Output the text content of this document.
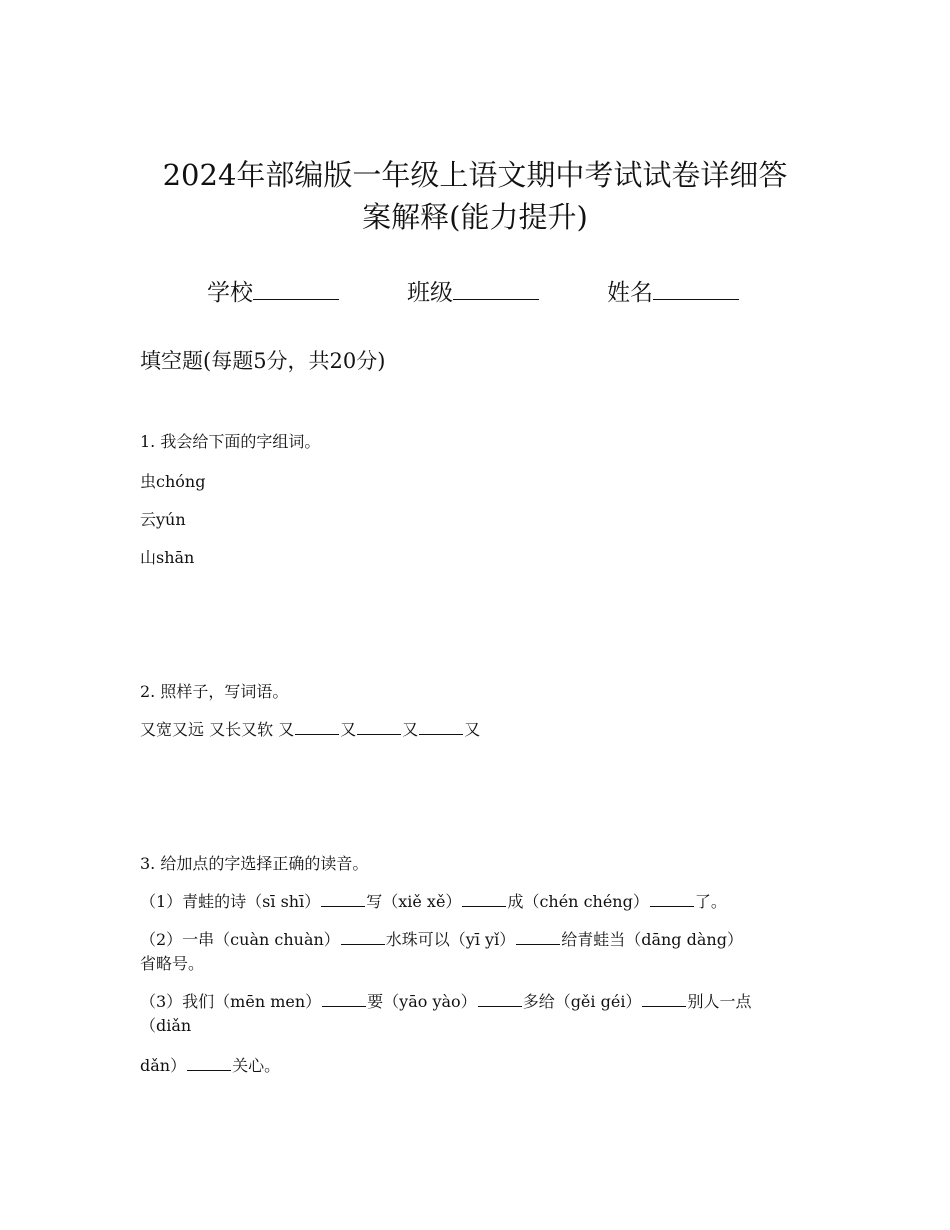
2024年部编版一年级上语文期中考试试卷详细答
案解释(能力提升)
学校	班级	姓名
填空题(每题5分，共20分)
1. 我会给下面的字组词。
虫chóng
云yún
山shān
2. 照样子，写词语。
又宽又远 又长又软 又	又	又	又
3. 给加点的字选择正确的读音。
（1）青蛙的诗（sī shī）	写（xiě xě）	成（chén chéng）	了。
（2）一串（cuàn chuàn）	水珠可以（yī yǐ）	给青蛙当（dāng dàng）
省略号。
（3）我们（mēn men）	要（yāo yào）	多给（gěi géi）	别人一点
（diǎn
dǎn）	关心。
